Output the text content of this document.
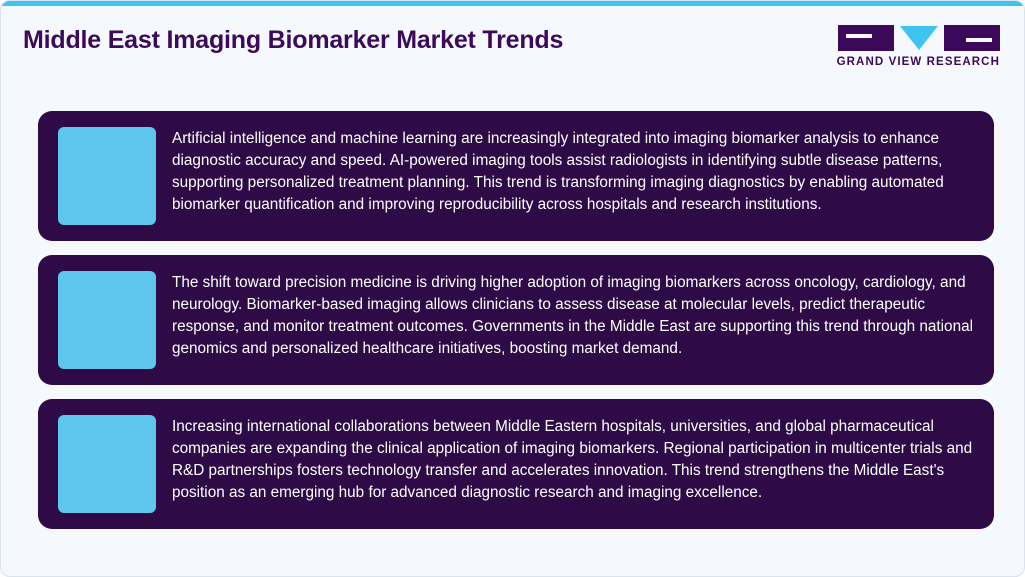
Middle East Imaging Biomarker Market Trends
GRAND VIEW RESEARCH
Artificial intelligence and machine learning are increasingly integrated into imaging biomarker analysis to enhance diagnostic accuracy and speed. AI-powered imaging tools assist radiologists in identifying subtle disease patterns, supporting personalized treatment planning. This trend is transforming imaging diagnostics by enabling automated biomarker quantification and improving reproducibility across hospitals and research institutions.
The shift toward precision medicine is driving higher adoption of imaging biomarkers across oncology, cardiology, and neurology. Biomarker-based imaging allows clinicians to assess disease at molecular levels, predict therapeutic response, and monitor treatment outcomes. Governments in the Middle East are supporting this trend through national genomics and personalized healthcare initiatives, boosting market demand.
Increasing international collaborations between Middle Eastern hospitals, universities, and global pharmaceutical companies are expanding the clinical application of imaging biomarkers. Regional participation in multicenter trials and R&D partnerships fosters technology transfer and accelerates innovation. This trend strengthens the Middle East's position as an emerging hub for advanced diagnostic research and imaging excellence.
